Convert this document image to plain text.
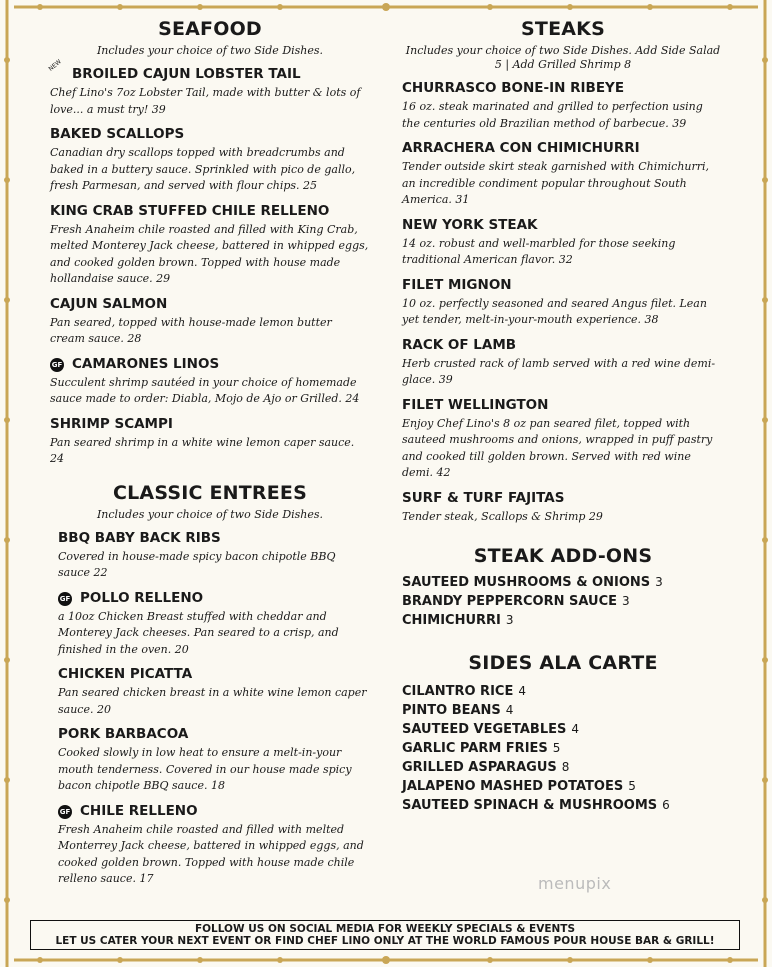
SEAFOOD
Includes your choice of two Side Dishes.
NEW
BROILED CAJUN LOBSTER TAIL
Chef Lino's 7oz Lobster Tail, made with butter & lots of love... a must try! 39
BAKED SCALLOPS
Canadian dry scallops topped with breadcrumbs and baked in a buttery sauce. Sprinkled with pico de gallo, fresh Parmesan, and served with flour chips. 25
KING CRAB STUFFED CHILE RELLENO
Fresh Anaheim chile roasted and filled with King Crab, melted Monterey Jack cheese, battered in whipped eggs, and cooked golden brown. Topped with house made hollandaise sauce. 29
CAJUN SALMON
Pan seared, topped with house-made lemon butter cream sauce. 28
GF CAMARONES LINOS
Succulent shrimp sautéed in your choice of homemade sauce made to order: Diabla, Mojo de Ajo or Grilled. 24
SHRIMP SCAMPI
Pan seared shrimp in a white wine lemon caper sauce. 24
CLASSIC ENTREES
Includes your choice of two Side Dishes.
BBQ BABY BACK RIBS
Covered in house-made spicy bacon chipotle BBQ sauce 22
GF POLLO RELLENO
a 10oz Chicken Breast stuffed with cheddar and Monterey Jack cheeses. Pan seared to a crisp, and finished in the oven. 20
CHICKEN PICATTA
Pan seared chicken breast in a white wine lemon caper sauce. 20
PORK BARBACOA
Cooked slowly in low heat to ensure a melt-in-your mouth tenderness. Covered in our house made spicy bacon chipotle BBQ sauce. 18
GF CHILE RELLENO
Fresh Anaheim chile roasted and filled with melted Monterrey Jack cheese, battered in whipped eggs, and cooked golden brown. Topped with house made chile relleno sauce. 17
STEAKS
Includes your choice of two Side Dishes. Add Side Salad 5 | Add Grilled Shrimp 8
CHURRASCO BONE-IN RIBEYE
16 oz. steak marinated and grilled to perfection using the centuries old Brazilian method of barbecue. 39
ARRACHERA CON CHIMICHURRI
Tender outside skirt steak garnished with Chimichurri, an incredible condiment popular throughout South America. 31
NEW YORK STEAK
14 oz. robust and well-marbled for those seeking traditional American flavor. 32
FILET MIGNON
10 oz. perfectly seasoned and seared Angus filet. Lean yet tender, melt-in-your-mouth experience. 38
RACK OF LAMB
Herb crusted rack of lamb served with a red wine demi-glace. 39
FILET WELLINGTON
Enjoy Chef Lino's 8 oz pan seared filet, topped with sauteed mushrooms and onions, wrapped in puff pastry and cooked till golden brown. Served with red wine demi. 42
SURF & TURF FAJITAS
Tender steak, Scallops & Shrimp 29
STEAK ADD-ONS
SAUTEED MUSHROOMS & ONIONS 3
BRANDY PEPPERCORN SAUCE 3
CHIMICHURRI 3
SIDES ALA CARTE
CILANTRO RICE 4
PINTO BEANS 4
SAUTEED VEGETABLES 4
GARLIC PARM FRIES 5
GRILLED ASPARAGUS 8
JALAPENO MASHED POTATOES 5
SAUTEED SPINACH & MUSHROOMS 6
menupix
FOLLOW US ON SOCIAL MEDIA FOR WEEKLY SPECIALS & EVENTS
LET US CATER YOUR NEXT EVENT OR FIND CHEF LINO ONLY AT THE WORLD FAMOUS POUR HOUSE BAR & GRILL!
